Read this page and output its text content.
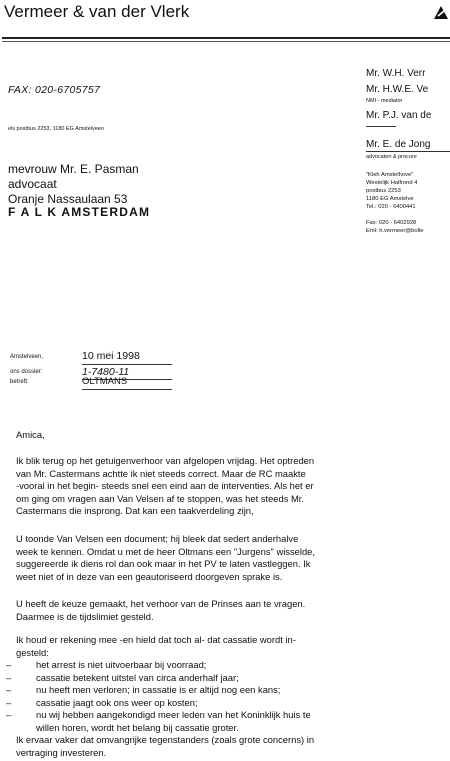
Vermeer & van der Vlerk
FAX: 020-6705757
els postbus 2253, 1180 EG Amstelveen
mevrouw Mr. E. Pasman
advocaat
Oranje Nassaulaan 53
F A L K AMSTERDAM
Mr. W.H. Verr
Mr. H.W.E. Ve
NMI - mediator
Mr. P.J. van de
Mr. E. de Jong
advocaten & procure
"Kleh Amstelhove"
Westelijk Halfrond 4
postbus 2253
1180 EG Amstelve
Tel.: 020 - 6400441
Fax: 020 - 6402928
Eml: h.vermeer@bolle
Amstelveen,	10 mei 1998
ons dossier:	1-7480-11
betreft:	OLTMANS
Amica,
Ik blik terug op het getuigenverhoor van afgelopen vrijdag. Het optreden
van Mr. Castermans achtte ik niet steeds correct. Maar de RC maakte
-vooral in het begin- steeds snel een eind aan de interventies. Als het er
om ging om vragen aan Van Velsen af te stoppen, was het steeds Mr.
Castermans die insprong. Dat kan een taakverdeling zijn,
U toonde Van Velsen een document; hij bleek dat sedert anderhalve
week te kennen. Omdat u met de heer Oltmans een "Jurgens" wisselde,
suggereerde ik diens rol dan ook maar in het PV te laten vastleggen. Ik
weet niet of in deze van een geautoriseerd doorgeven sprake is.
U heeft de keuze gemaakt, het verhoor van de Prinses aan te vragen.
Daarmee is de tijdslimiet gesteld.
Ik houd er rekening mee -en hield dat toch al- dat cassatie wordt in-
gesteld:
–	het arrest is niet uitvoerbaar bij voorraad;
–	cassatie betekent uitstel van circa anderhalf jaar;
–	nu heeft men verloren; in cassatie is er altijd nog een kans;
–	cassatie jaagt ook ons weer op kosten;
–	nu wij hebben aangekondigd meer leden van het Koninklijk huis te
willen horen, wordt het belang bij cassatie groter.
Ik ervaar vaker dat omvangrijke tegenstanders (zoals grote concerns) in
vertraging investeren.
